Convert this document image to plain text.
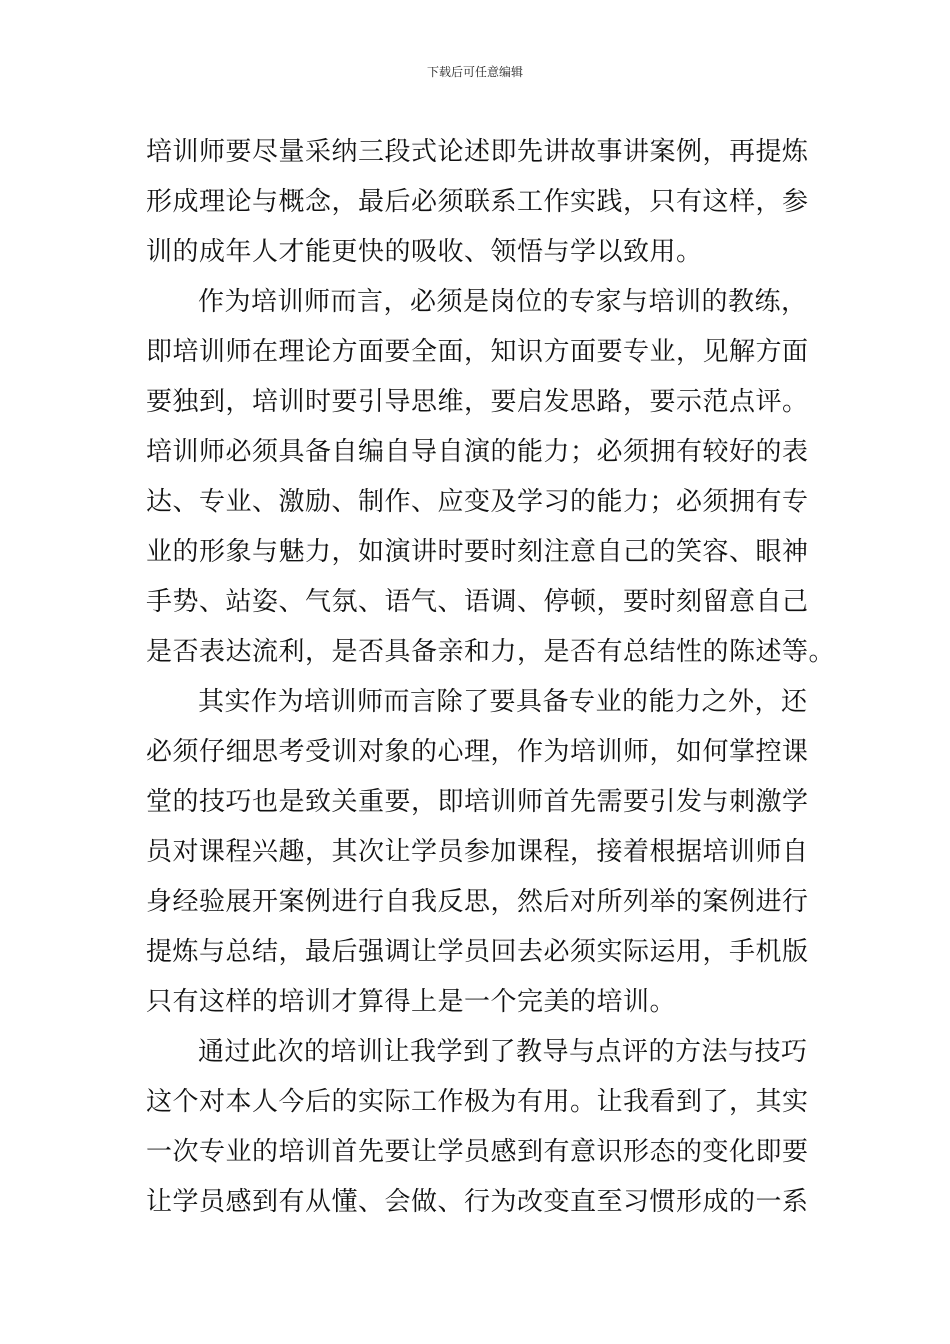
下载后可任意编辑
培训师要尽量采纳三段式论述即先讲故事讲案例，再提炼
形成理论与概念，最后必须联系工作实践，只有这样，参
训的成年人才能更快的吸收、领悟与学以致用。
作为培训师而言，必须是岗位的专家与培训的教练，
即培训师在理论方面要全面，知识方面要专业，见解方面
要独到，培训时要引导思维，要启发思路，要示范点评。
培训师必须具备自编自导自演的能力；必须拥有较好的表
达、专业、激励、制作、应变及学习的能力；必须拥有专
业的形象与魅力，如演讲时要时刻注意自己的笑容、眼神
手势、站姿、气氛、语气、语调、停顿，要时刻留意自己
是否表达流利，是否具备亲和力，是否有总结性的陈述等。
其实作为培训师而言除了要具备专业的能力之外，还
必须仔细思考受训对象的心理，作为培训师，如何掌控课
堂的技巧也是致关重要，即培训师首先需要引发与刺激学
员对课程兴趣，其次让学员参加课程，接着根据培训师自
身经验展开案例进行自我反思，然后对所列举的案例进行
提炼与总结，最后强调让学员回去必须实际运用，手机版
只有这样的培训才算得上是一个完美的培训。
通过此次的培训让我学到了教导与点评的方法与技巧
这个对本人今后的实际工作极为有用。让我看到了，其实
一次专业的培训首先要让学员感到有意识形态的变化即要
让学员感到有从懂、会做、行为改变直至习惯形成的一系
